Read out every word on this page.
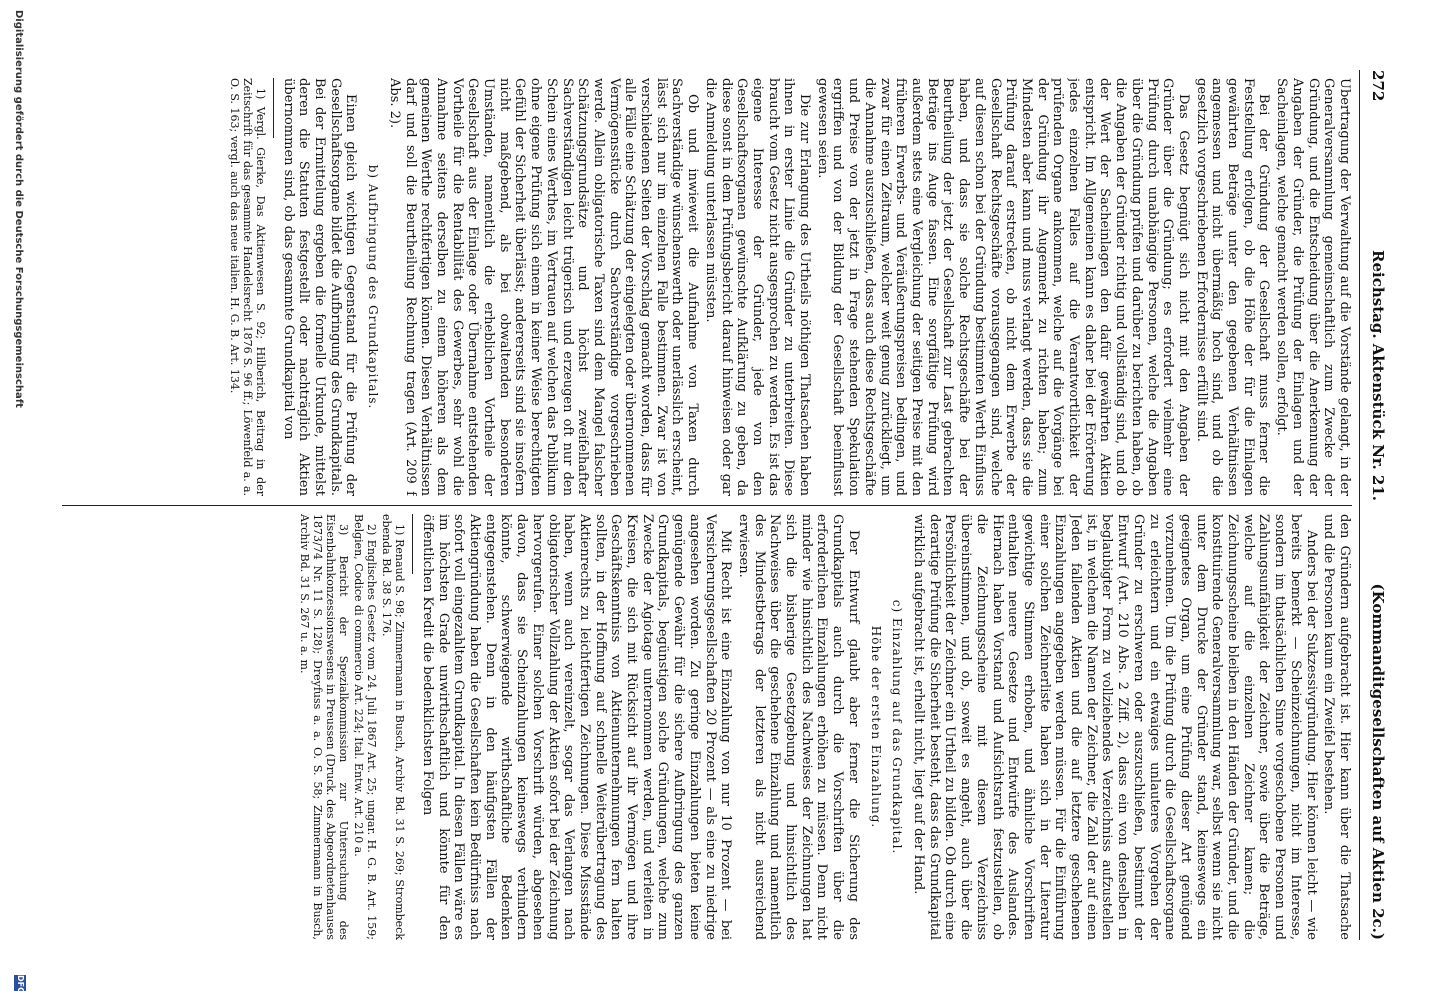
272
Reichstag. Aktenstück Nr. 21.
(Kommanditgesellschaften auf Aktien 2c.)

Übertragung der Verwaltung auf die Vorstände gelangt, in der Generalversammlung gemeinschaftlich zum Zwecke der Gründung, und die Entscheidung über die Anerkennung der Angaben der Gründer, die Prüfung der Einlagen und der Sacheinlagen, welche gemacht werden sollen, erfolgt.

Bei der Gründung der Gesellschaft muss ferner die Feststellung erfolgen, ob die Höhe der für die Einlagen gewährten Beträge unter den gegebenen Verhältnissen angemessen und nicht übermäßig hoch sind, und ob die gesetzlich vorgeschriebenen Erfordernisse erfüllt sind.

Das Gesetz begnügt sich nicht mit den Angaben der Gründer über die Gründung; es erfordert vielmehr eine Prüfung durch unabhängige Personen, welche die Angaben über die Gründung prüfen und darüber zu berichten haben, ob die Angaben der Gründer richtig und vollständig sind, und ob der Wert der Sacheinlagen den dafür gewährten Aktien entspricht. Im Allgemeinen kann es daher bei der Erörterung jedes einzelnen Falles auf die Verantwortlichkeit der prüfenden Organe ankommen, welche auf die Vorgänge bei der Gründung ihr Augenmerk zu richten haben; zum Mindesten aber kann und muss verlangt werden, dass sie die Prüfung darauf erstrecken, ob nicht dem Erwerbe der Gesellschaft Rechtsgeschäfte vorausgegangen sind, welche auf diesen schon bei der Gründung bestimmten Werth Einfluss haben, und dass sie solche Rechtsgeschäfte bei der Beurtheilung der jetzt der Gesellschaft zur Last gebrachten Beträge ins Auge fassen. Eine sorgfältige Prüfung wird außerdem stets eine Vergleichung der seitigen Preise mit den früheren Erwerbs- und Veräußerungspreisen bedingen, und zwar für einen Zeitraum, welcher weit genug zurückliegt, um die Annahme auszuschließen, dass auch diese Rechtsgeschäfte und Preise von der jetzt in Frage stehenden Spekulation ergriffen und von der Bildung der Gesellschaft beeinflusst gewesen seien.

Die zur Erlangung des Urtheils nöthigen Thatsachen haben ihnen in erster Linie die Gründer zu unterbreiten. Diese braucht vom Gesetz nicht ausgesprochen zu werden. Es ist das eigene Interesse der Gründer, jede von den Gesellschaftsorganen gewünschte Aufklärung zu geben, da diese sonst in dem Prüfungsbericht darauf hinweisen oder gar die Anmeldung unterlassen müssten.

Ob und inwieweit die Aufnahme von Taxen durch Sachverständige wünschenswerth oder unerlässlich erscheint, lässt sich nur im einzelnen Falle bestimmen. Zwar ist von verschiedenen Seiten der Vorschlag gemacht worden, dass für alle Fälle eine Schätzung der eingelegten oder übernommenen Vermögensstücke durch Sachverständige vorgeschrieben werde. Allein obligatorische Taxen sind dem Mangel falscher Schätzungsgrundsätze und höchst zweifelhafter Sachverständigen leicht trügerisch und erzeugen oft nur den Schein eines Werthes, im Vertrauen auf welchen das Publikum ohne eigene Prüfung sich einem in keiner Weise berechtigten Gefühl der Sicherheit überlässt; andererseits sind sie insofern nicht maßgebend, als bei obwaltenden besonderen Umständen, namentlich die erheblichen Vortheile der Gesellschaft aus der Einlage oder Übernahme entstehenden Vortheile für die Rentabilität des Gewerbes, sehr wohl die Annahme seitens derselben zu einem höheren als dem gemeinen Werthe rechtfertigen können. Diesen Verhältnissen darf und soll die Beurtheilung Rechnung tragen (Art. 209 f Abs. 2).

b) Aufbringung des Grundkapitals.

Einen gleich wichtigen Gegenstand für die Prüfung der Gesellschaftsorgane bildet die Aufbringung des Grundkapitals. Bei der Ermittelung ergeben die formelle Urkunde, mittelst deren die Statuten festgestellt oder nachträglich Aktien übernommen sind, ob das gesammte Grundkapital von

1) Vergl. Gierke, Das Aktienwesen S. 92; Hilberich, Beitrag in der Zeitschrift für das gesammte Handelsrecht 1876 S. 96 ff.; Löwenfeld a. a. O. S. 163; vergl. auch das neue italien. H. G. B. Art. 134.

den Gründern aufgebracht ist. Hier kann über die Thatsache und die Personen kaum ein Zweifel bestehen.

Anders bei der Sukzessivgründung. Hier können leicht — wie bereits bemerkt — Scheinzeichnungen, nicht im Interesse, sondern im thatsächlichen Sinne vorgeschobene Personen und Zahlungsunfähigkeit der Zeichner, sowie über die Beträge, welche auf die einzelnen Zeichner kamen; die Zeichnungsscheine bleiben in den Händen der Gründer, und die konstituirende Generalversammlung war, selbst wenn sie nicht unter dem Drucke der Gründer stand, keineswegs ein geeignetes Organ, um eine Prüfung dieser Art genügend vorzunehmen. Um die Prüfung durch die Gesellschaftsorgane zu erleichtern und ein etwaiges unlauteres Vorgehen der Gründer zu erschweren oder auszuschließen, bestimmt der Entwurf (Art. 210 Abs. 2 Ziff. 2), dass ein von denselben in beglaubigter Form zu vollziehendes Verzeichniss aufzustellen ist, in welchem die Namen der Zeichner, die Zahl der auf einen Jeden fallenden Aktien und die auf letztere geschehenen Einzahlungen angegeben werden müssen. Für die Einführung einer solchen Zeichnerliste haben sich in der Literatur gewichtige Stimmen erhoben, und ähnliche Vorschriften enthalten neuere Gesetze und Entwürfe des Auslandes. Hiernach haben Vorstand und Aufsichtsrath festzustellen, ob die Zeichnungsscheine mit diesem Verzeichniss übereinstimmen, und ob, soweit es angeht, auch über die Persönlichkeit der Zeichner ein Urtheil zu bilden. Ob durch eine derartige Prüfung die Sicherheit besteht, dass das Grundkapital wirklich aufgebracht ist, erhellt nicht, liegt auf der Hand.

c) Einzahlung auf das Grundkapital.
Höhe der ersten Einzahlung.

Der Entwurf glaubt aber ferner die Sicherung des Grundkapitals auch durch die Vorschriften über die erforderlichen Einzahlungen erhöhen zu müssen. Denn nicht minder wie hinsichtlich des Nachweises der Zeichnungen hat sich die bisherige Gesetzgebung und hinsichtlich des Nachweises über die geschehene Einzahlung und namentlich des Mindestbetrags der letzteren als nicht ausreichend erwiesen.

Mit Recht ist eine Einzahlung von nur 10 Prozent — bei Versicherungsgesellschaften 20 Prozent — als eine zu niedrige angesehen worden. Zu geringe Einzahlungen bieten keine genügende Gewähr für die sichere Aufbringung des ganzen Grundkapitals, begünstigen solche Gründungen, welche zum Zwecke der Agiotage unternommen werden, und verleiten in Kreisen, die sich mit Rücksicht auf ihr Vermögen und ihre Geschäftskenntniss von Aktienunternehmungen fern halten sollten, in der Hoffnung auf schnelle Weiterübertragung des Aktienrechts zu leichtfertigen Zeichnungen. Diese Missstände haben, wenn auch vereinzelt, sogar das Verlangen nach obligatorischer Vollzahlung der Aktien sofort bei der Zeichnung hervorgerufen. Einer solchen Vorschrift würden, abgesehen davon, dass sie Scheinzahlungen keineswegs verhindern könnte, schwerwiegende wirthschaftliche Bedenken entgegenstehen. Denn in den häufigsten Fällen der Aktiengründung haben die Gesellschaften kein Bedürfniss nach sofort voll eingezahltem Grundkapital. In diesen Fällen wäre es im höchsten Grade unwirthschaftlich und könnte für den öffentlichen Kredit die bedenklichsten Folgen

1) Renaud S. 98; Zimmermann in Busch, Archiv Bd. 31 S. 269; Strombeck ebenda Bd. 38 S. 176.

2) Englisches Gesetz vom 24. Juli 1867 Art. 25; ungar. H. G. B. Art. 159; Belgien, Codice di commercio Art. 224; Ital. Entw. Art. 210 a.

3) Bericht der Spezialkommission zur Untersuchung des Eisenbahnkonzessionswesens in Preussen (Druck. des Abgeordnetenhauses 1873/74 Nr. 11 S. 128); Dreyfuss a. a. O. S. 58; Zimmermann in Busch, Archiv Bd. 31 S. 267 u. a. m.

Digitalisierung gefördert durch die Deutsche Forschungsgemeinschaft
DFG
